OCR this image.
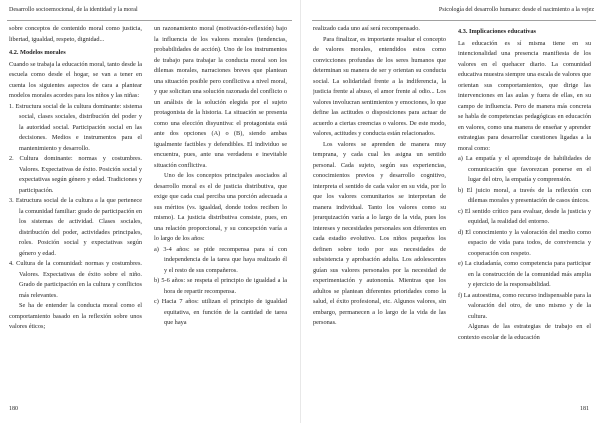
Desarrollo socioemocional, de la identidad y la moral	Psicología del desarrollo humano: desde el nacimiento a la vejez

sobre conceptos de contenido moral como justicia, libertad, igualdad, respeto, dignidad...

4.2. Modelos morales

Cuando se trabaja la educación moral, tanto desde la escuela como desde el hogar, se van a tener en cuenta los siguientes aspectos de cara a plantear modelos morales acordes para los niños y las niñas:

1. Estructura social de la cultura dominante: sistema social, clases sociales, distribución del poder y la autoridad social. Participación social en las decisiones. Medios e instrumentos para el mantenimiento y desarrollo.

2. Cultura dominante: normas y costumbres. Valores. Expectativas de éxito. Posición social y expectativas según género y edad. Tradiciones y participación.

3. Estructura social de la cultura a la que pertenece la comunidad familiar: grado de participación en los sistemas de actividad. Clases sociales, distribución del poder, actividades principales, roles. Posición social y expectativas según género y edad.

4. Cultura de la comunidad: normas y costumbres. Valores. Expectativas de éxito sobre el niño. Grado de participación en la cultura y conflictos más relevantes.

Se ha de entender la conducta moral como el comportamiento basado en la reflexión sobre unos valores éticos;

un razonamiento moral (motivación-reflexión) bajo la influencia de los valores morales (tendencias, probabilidades de acción). Uno de los instrumentos de trabajo para trabajar la conducta moral son los dilemas morales, narraciones breves que plantean una situación posible pero conflictiva a nivel moral, y que solicitan una solución razonada del conflicto o un análisis de la solución elegida por el sujeto protagonista de la historia. La situación se presenta como una elección disyuntiva: el protagonista está ante dos opciones (A) o (B), siendo ambas igualmente factibles y defendibles. El individuo se encuentra, pues, ante una verdadera e inevitable situación conflictiva.

Uno de los conceptos principales asociados al desarrollo moral es el de justicia distributiva, que exige que cada cual perciba una porción adecuada a sus méritos (vs. igualdad, donde todos reciben lo mismo). La justicia distributiva consiste, pues, en una relación proporcional, y su concepción varía a lo largo de los años:

a) 3-4 años: se pide recompensa para sí con independencia de la tarea que haya realizado él y el resto de sus compañeros.

b) 5-6 años: se respeta el principio de igualdad a la hora de repartir recompensa.

c) Hacia 7 años: utilizan el principio de igualdad equitativa, en función de la cantidad de tarea que haya

realizado cada uno así será recompensado.

Para finalizar, es importante resaltar el concepto de valores morales, entendidos estos como convicciones profundas de los seres humanos que determinan su manera de ser y orientan su conducta social. La solidaridad frente a la indiferencia, la justicia frente al abuso, el amor frente al odio... Los valores involucran sentimientos y emociones, lo que define las actitudes o disposiciones para actuar de acuerdo a ciertas creencias o valores. De este modo, valores, actitudes y conducta están relacionados.

Los valores se aprenden de manera muy temprana, y cada cual les asigna un sentido personal. Cada sujeto, según sus experiencias, conocimientos previos y desarrollo cognitivo, interpreta el sentido de cada valor en su vida, por lo que los valores comunitarios se interpretan de manera individual. Tanto los valores como su jerarquización varía a lo largo de la vida, pues los intereses y necesidades personales son diferentes en cada estadio evolutivo. Los niños pequeños los definen sobre todo por sus necesidades de subsistencia y aprobación adulta. Los adolescentes guían sus valores personales por la necesidad de experimentación y autonomía. Mientras que los adultos se plantean diferentes prioridades como la salud, el éxito profesional, etc. Algunos valores, sin embargo, permanecen a lo largo de la vida de las personas.

4.3. Implicaciones educativas

La educación es sí misma tiene en su intencionalidad una presencia manifiesta de los valores en el quehacer diario. La comunidad educativa muestra siempre una escala de valores que orientan sus comportamientos, que dirige las intervenciones en las aulas y fuera de ellas, en su campo de influencia. Pero de manera más concreta se habla de competencias pedagógicas en educación en valores, como una manera de enseñar y aprender estrategias para desarrollar cuestiones ligadas a la moral como:

a) La empatía y el aprendizaje de habilidades de comunicación que favorezcan ponerse en el lugar del otro, la empatía y comprensión.

b) El juicio moral, a través de la reflexión con dilemas morales y presentación de casos únicos.

c) El sentido crítico para evaluar, desde la justicia y equidad, la realidad del entorno.

d) El conocimiento y la valoración del medio como espacio de vida para todos, de convivencia y cooperación con respeto.

e) La ciudadanía, como competencia para participar en la construcción de la comunidad más amplia y ejercicio de la responsabilidad.

f) La autoestima, como recurso indispensable para la valoración del otro, de uno mismo y de la cultura.

Algunas de las estrategias de trabajo en el contexto escolar de la educación

180	181
